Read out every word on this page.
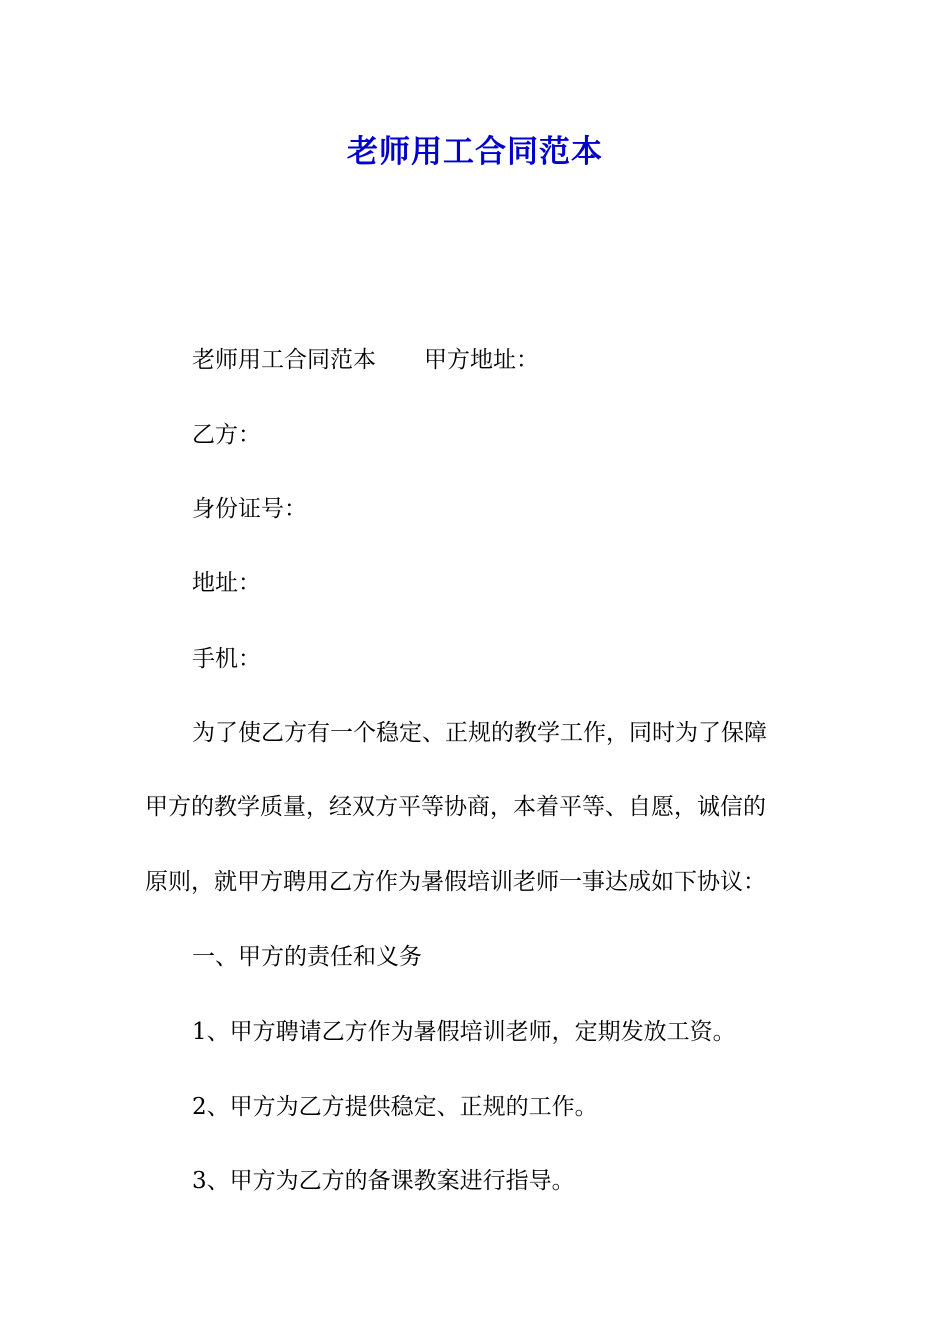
老师用工合同范本
老师用工合同范本 甲方地址：
乙方：
身份证号：
地址：
手机：
为了使乙方有一个稳定、正规的教学工作，同时为了保障
甲方的教学质量，经双方平等协商，本着平等、自愿，诚信的
原则，就甲方聘用乙方作为暑假培训老师一事达成如下协议：
一、甲方的责任和义务
1、甲方聘请乙方作为暑假培训老师，定期发放工资。
2、甲方为乙方提供稳定、正规的工作。
3、甲方为乙方的备课教案进行指导。
